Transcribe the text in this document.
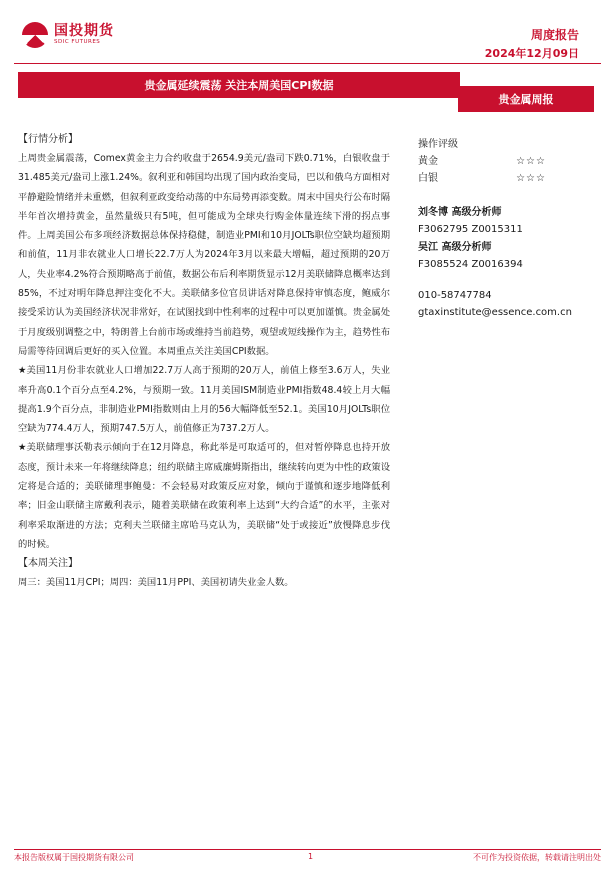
国投期货
SDIC FUTURES	周度报告
2024年12月09日
贵金属延续震荡 关注本周美国CPI数据
贵金属周报

【行情分析】

上周贵金属震荡，Comex黄金主力合约收盘于2654.9美元/盎司下跌0.71%，白银收盘于31.485美元/盎司上涨1.24%。叙利亚和韩国均出现了国内政治变局，巴以和俄乌方面相对平静避险情绪并未重燃，但叙利亚政变给动荡的中东局势再添变数。周末中国央行公布时隔半年首次增持黄金，虽然量级只有5吨，但可能成为全球央行购金体量连续下滑的拐点事件。上周美国公布多项经济数据总体保持稳健，制造业PMI和10月JOLTs职位空缺均超预期和前值，11月非农就业人口增长22.7万人为2024年3月以来最大增幅，超过预期的20万人，失业率4.2%符合预期略高于前值，数据公布后利率期货显示12月美联储降息概率达到85%，不过对明年降息押注变化不大。美联储多位官员讲话对降息保持审慎态度，鲍威尔接受采访认为美国经济状况非常好，在试图找到中性利率的过程中可以更加谨慎。贵金属处于月度级别调整之中，特朗普上台前市场或维持当前趋势，观望或短线操作为主，趋势性布局需等待回调后更好的买入位置。本周重点关注美国CPI数据。

★美国11月份非农就业人口增加22.7万人高于预期的20万人，前值上修至3.6万人，失业率升高0.1个百分点至4.2%，与预期一致。11月美国ISM制造业PMI指数48.4较上月大幅提高1.9个百分点，非制造业PMI指数则由上月的56大幅降低至52.1。美国10月JOLTs职位空缺为774.4万人，预期747.5万人，前值修正为737.2万人。

★美联储理事沃勒表示倾向于在12月降息，称此举是可取适可的，但对暂停降息也持开放态度，预计未来一年将继续降息；纽约联储主席威廉姆斯指出，继续转向更为中性的政策设定将是合适的；美联储理事鲍曼：不会轻易对政策反应对象，倾向于谨慎和逐步地降低利率；旧金山联储主席戴利表示，随着美联储在政策利率上达到“大约合适”的水平，主张对利率采取渐进的方法；克利夫兰联储主席哈马克认为，美联储“处于或接近”放慢降息步伐的时候。

【本周关注】

周三：美国11月CPI；周四：美国11月PPI、美国初请失业金人数。

操作评级
黄金	☆☆☆
白银	☆☆☆
刘冬博 高级分析师
F3062795 Z0015311
吴江 高级分析师
F3085524 Z0016394
010-58747784
gtaxinstitute@essence.com.cn
本报告版权属于国投期货有限公司	1	不可作为投资依据，转载请注明出处
